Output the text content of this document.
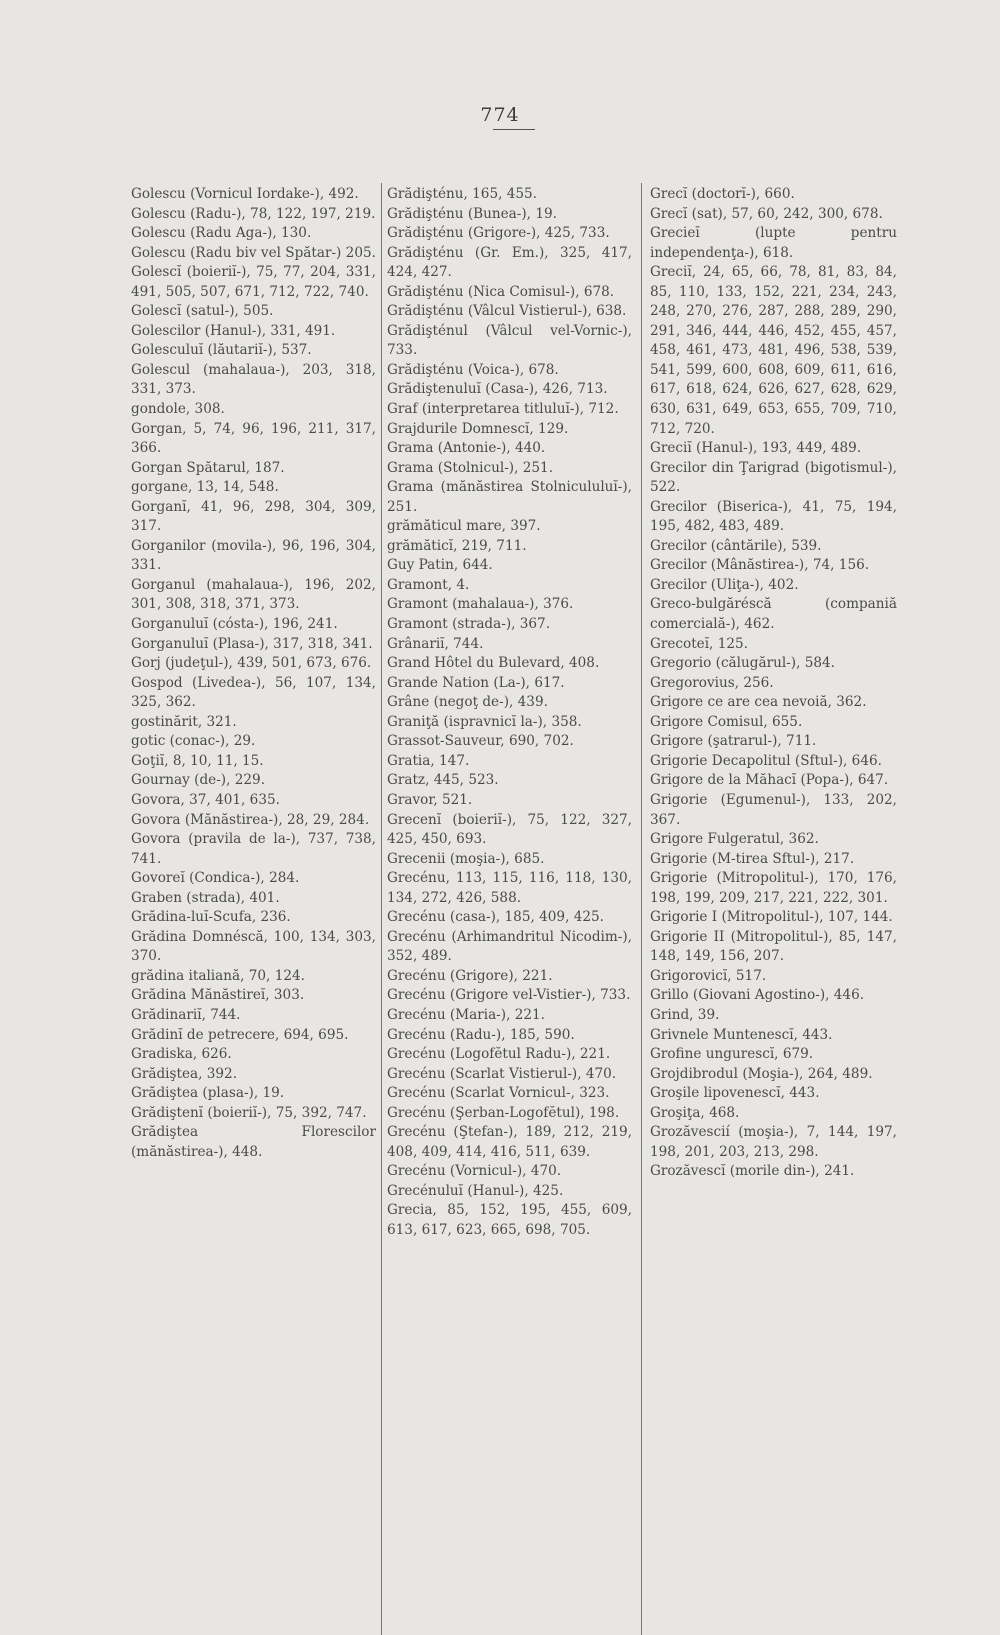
774

Golescu (Vornicul Iordake-), 492.

Golescu (Radu-), 78, 122, 197, 219.

Golescu (Radu Aga-), 130.

Golescu (Radu biv vel Spătar-) 205.

Golescĭ (boieriĭ-), 75, 77, 204, 331, 491, 505, 507, 671, 712, 722, 740.

Golescĭ (satul-), 505.

Golescilor (Hanul-), 331, 491.

Golesculuĭ (lăutariĭ-), 537.

Golescul (mahalaua-), 203, 318, 331, 373.

gondole, 308.

Gorgan, 5, 74, 96, 196, 211, 317, 366.

Gorgan Spătarul, 187.

gorgane, 13, 14, 548.

Gorganĭ, 41, 96, 298, 304, 309, 317.

Gorganilor (movila-), 96, 196, 304, 331.

Gorganul (mahalaua-), 196, 202, 301, 308, 318, 371, 373.

Gorganuluĭ (cósta-), 196, 241.

Gorganuluĭ (Plasa-), 317, 318, 341.

Gorj (judeţul-), 439, 501, 673, 676.

Gospod (Livedea-), 56, 107, 134, 325, 362.

gostinărit, 321.

gotic (conac-), 29.

Goţiĭ, 8, 10, 11, 15.

Gournay (de-), 229.

Govora, 37, 401, 635.

Govora (Mănăstirea-), 28, 29, 284.

Govora (pravila de la-), 737, 738, 741.

Govoreĭ (Condica-), 284.

Graben (strada), 401.

Grădina-luĭ-Scufa, 236.

Grădina Domnéscă, 100, 134, 303, 370.

grădina italiană, 70, 124.

Grădina Mănăstireĭ, 303.

Grădinariĭ, 744.

Grădinĭ de petrecere, 694, 695.

Gradiska, 626.

Grădiştea, 392.

Grădiştea (plasa-), 19.

Grădiştenĭ (boieriĭ-), 75, 392, 747.

Grădiştea Florescilor (mănăstirea-), 448.

Grădişténu, 165, 455.

Grădişténu (Bunea-), 19.

Grădişténu (Grigore-), 425, 733.

Grădişténu (Gr. Em.), 325, 417, 424, 427.

Grădişténu (Nica Comisul-), 678.

Grădişténu (Vâlcul Vistierul-), 638.

Grădişténul (Vâlcul vel-Vornic-), 733.

Grădişténu (Voica-), 678.

Grădiştenuluĭ (Casa-), 426, 713.

Graf (interpretarea titluluĭ-), 712.

Grajdurile Domnescĭ, 129.

Grama (Antonie-), 440.

Grama (Stolnicul-), 251.

Grama (mănăstirea Stolnicululuĭ-), 251.

grămăticul mare, 397.

grămăticĭ, 219, 711.

Guy Patin, 644.

Gramont, 4.

Gramont (mahalaua-), 376.

Gramont (strada-), 367.

Grânariĭ, 744.

Grand Hôtel du Bulevard, 408.

Grande Nation (La-), 617.

Grâne (negoţ de-), 439.

Graniţă (ispravnicĭ la-), 358.

Grassot-Sauveur, 690, 702.

Gratia, 147.

Gratz, 445, 523.

Gravor, 521.

Grecenĭ (boieriĭ-), 75, 122, 327, 425, 450, 693.

Grecenii (moşia-), 685.

Grecénu, 113, 115, 116, 118, 130, 134, 272, 426, 588.

Grecénu (casa-), 185, 409, 425.

Grecénu (Arhimandritul Nicodim-), 352, 489.

Grecénu (Grigore), 221.

Grecénu (Grigore vel-Vistier-), 733.

Grecénu (Maria-), 221.

Grecénu (Radu-), 185, 590.

Grecénu (Logofĕtul Radu-), 221.

Grecénu (Scarlat Vistierul-), 470.

Grecénu (Scarlat Vornicul-, 323.

Grecénu (Şerban-Logofĕtul), 198.

Grecénu (Ştefan-), 189, 212, 219, 408, 409, 414, 416, 511, 639.

Grecénu (Vornicul-), 470.

Grecénuluĭ (Hanul-), 425.

Grecia, 85, 152, 195, 455, 609, 613, 617, 623, 665, 698, 705.

Grecĭ (doctorĭ-), 660.

Grecĭ (sat), 57, 60, 242, 300, 678.

Grecieĭ (lupte pentru independenţa-), 618.

Greciĭ, 24, 65, 66, 78, 81, 83, 84, 85, 110, 133, 152, 221, 234, 243, 248, 270, 276, 287, 288, 289, 290, 291, 346, 444, 446, 452, 455, 457, 458, 461, 473, 481, 496, 538, 539, 541, 599, 600, 608, 609, 611, 616, 617, 618, 624, 626, 627, 628, 629, 630, 631, 649, 653, 655, 709, 710, 712, 720.

Greciĭ (Hanul-), 193, 449, 489.

Grecilor din Ţarigrad (bigotismul-), 522.

Grecilor (Biserica-), 41, 75, 194, 195, 482, 483, 489.

Grecilor (cântările), 539.

Grecilor (Mânăstirea-), 74, 156.

Grecilor (Uliţa-), 402.

Greco-bulgăréscă (companiă comercială-), 462.

Grecoteĭ, 125.

Gregorio (călugărul-), 584.

Gregorovius, 256.

Grigore ce are cea nevoiă, 362.

Grigore Comisul, 655.

Grigore (şatrarul-), 711.

Grigorie Decapolitul (Sftul-), 646.

Grigore de la Măhacĭ (Popa-), 647.

Grigorie (Egumenul-), 133, 202, 367.

Grigore Fulgeratul, 362.

Grigorie (M-tirea Sftul-), 217.

Grigorie (Mitropolitul-), 170, 176, 198, 199, 209, 217, 221, 222, 301.

Grigorie I (Mitropolitul-), 107, 144.

Grigorie II (Mitropolitul-), 85, 147, 148, 149, 156, 207.

Grigorovicĭ, 517.

Grillo (Giovani Agostino-), 446.

Grind, 39.

Grivnele Muntenescĭ, 443.

Grofine ungurescĭ, 679.

Grojdibrodul (Moşia-), 264, 489.

Groşile lipovenescĭ, 443.

Groşiţa, 468.

Grozăvescií (moşia-), 7, 144, 197, 198, 201, 203, 213, 298.

Grozăvescĭ (morile din-), 241.
